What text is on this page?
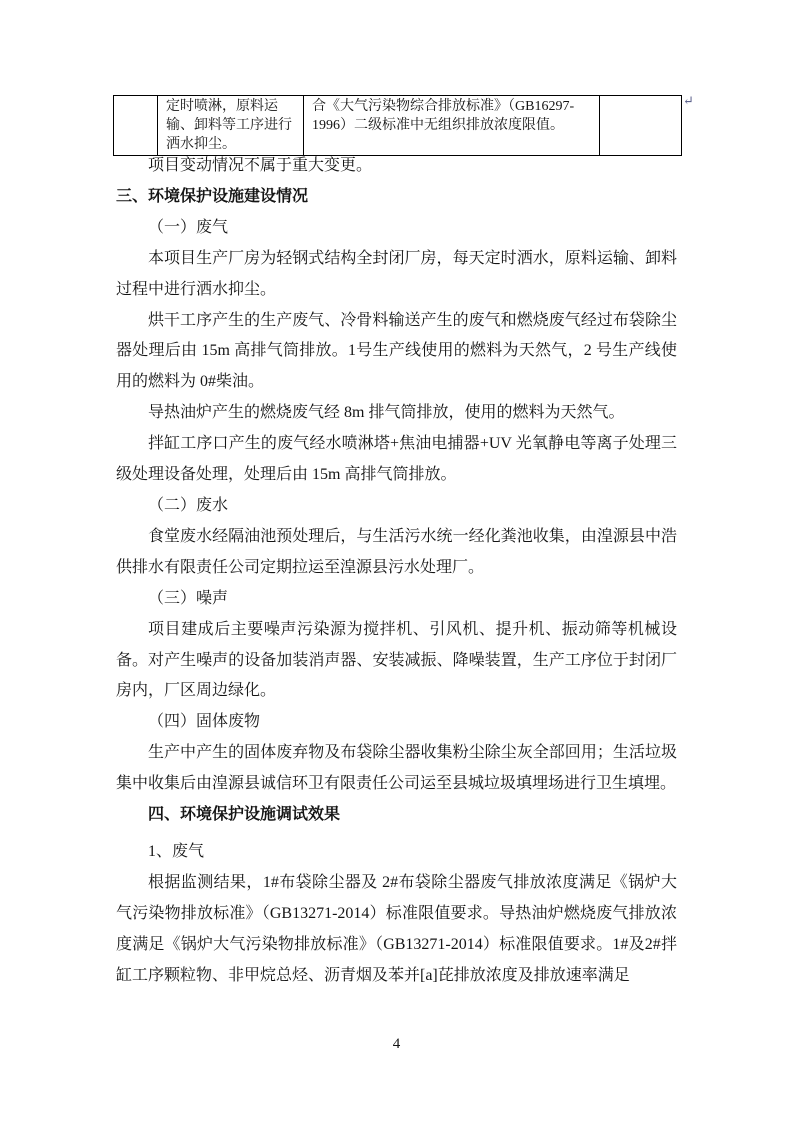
	定时喷淋，原料运输、卸料等工序进行洒水抑尘。	合《大气污染物综合排放标准》（GB16297-1996）二级标准中无组织排放浓度限值。	
↵

项目变动情况不属于重大变更。

三、环境保护设施建设情况

（一）废气

本项目生产厂房为轻钢式结构全封闭厂房，每天定时洒水，原料运输、卸料过程中进行洒水抑尘。

烘干工序产生的生产废气、冷骨料输送产生的废气和燃烧废气经过布袋除尘器处理后由 15m 高排气筒排放。1号生产线使用的燃料为天然气，2 号生产线使用的燃料为 0#柴油。

导热油炉产生的燃烧废气经 8m 排气筒排放，使用的燃料为天然气。

拌缸工序口产生的废气经水喷淋塔+焦油电捕器+UV 光氧静电等离子处理三级处理设备处理，处理后由 15m 高排气筒排放。

（二）废水

食堂废水经隔油池预处理后，与生活污水统一经化粪池收集，由湟源县中浩供排水有限责任公司定期拉运至湟源县污水处理厂。

（三）噪声

项目建成后主要噪声污染源为搅拌机、引风机、提升机、振动筛等机械设备。对产生噪声的设备加装消声器、安装减振、降噪装置，生产工序位于封闭厂房内，厂区周边绿化。

（四）固体废物

生产中产生的固体废弃物及布袋除尘器收集粉尘除尘灰全部回用；生活垃圾集中收集后由湟源县诚信环卫有限责任公司运至县城垃圾填埋场进行卫生填埋。

四、环境保护设施调试效果

1、废气

根据监测结果，1#布袋除尘器及 2#布袋除尘器废气排放浓度满足《锅炉大气污染物排放标准》（GB13271-2014）标准限值要求。导热油炉燃烧废气排放浓度满足《锅炉大气污染物排放标准》（GB13271-2014）标准限值要求。1#及2#拌缸工序颗粒物、非甲烷总烃、沥青烟及苯并[a]芘排放浓度及排放速率满足

4
